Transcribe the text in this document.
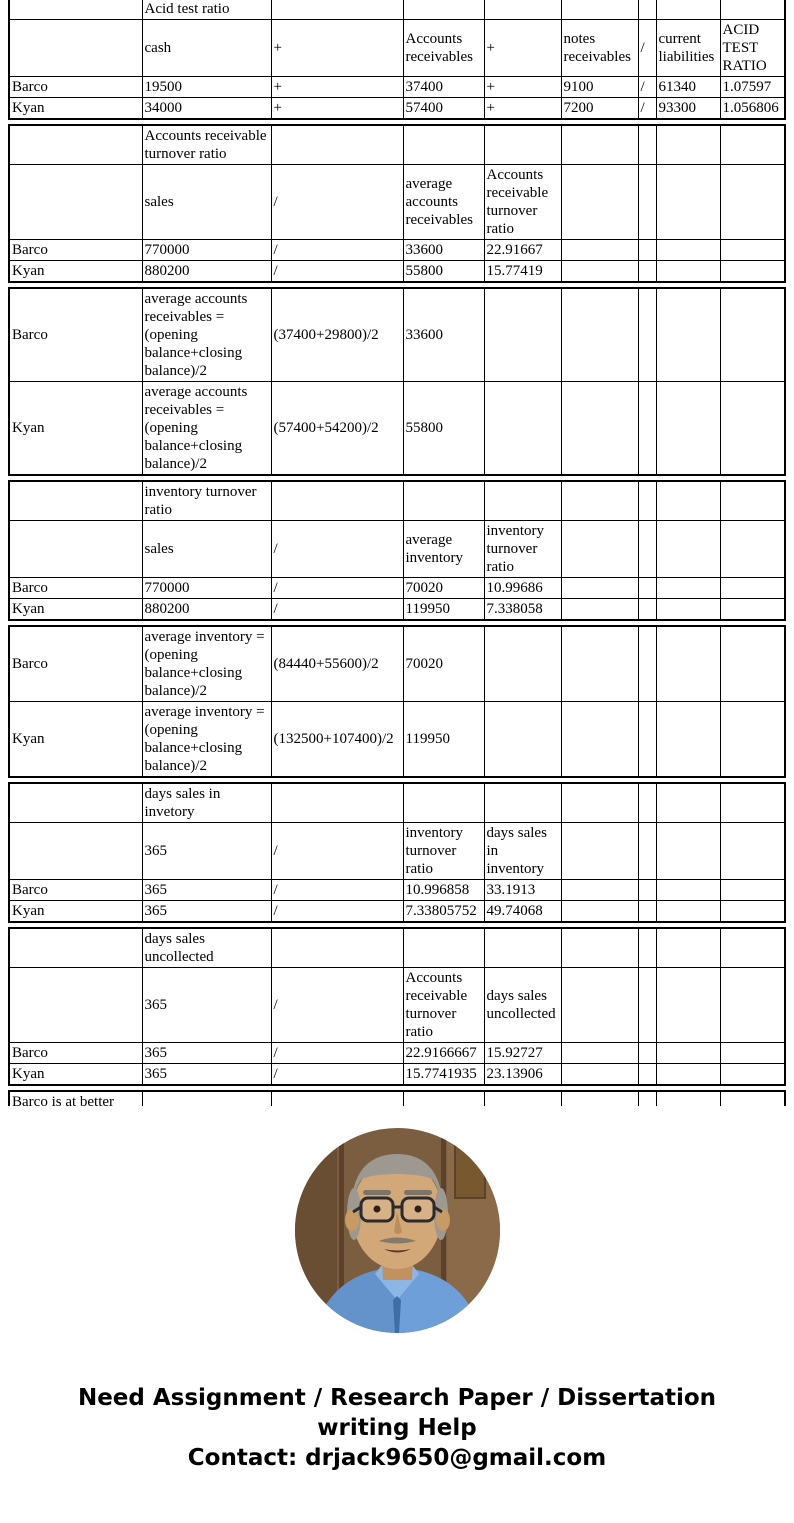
	Acid test ratio							
	cash	+	Accounts receivables	+	notes receivables	/	current liabilities	ACID TEST RATIO
Barco	19500	+	37400	+	9100	/	61340	1.07597
Kyan	34000	+	57400	+	7200	/	93300	1.056806
	Accounts receivable turnover ratio							
	sales	/	average accounts receivables	Accounts receivable turnover ratio				
Barco	770000	/	33600	22.91667				
Kyan	880200	/	55800	15.77419				
Barco	average accounts receivables = (opening balance+closing balance)/2	(37400+29800)/2	33600					
Kyan	average accounts receivables = (opening balance+closing balance)/2	(57400+54200)/2	55800					
	inventory turnover ratio							
	sales	/	average inventory	inventory turnover ratio				
Barco	770000	/	70020	10.99686				
Kyan	880200	/	119950	7.338058				
Barco	average inventory = (opening balance+closing balance)/2	(84440+55600)/2	70020					
Kyan	average inventory = (opening balance+closing balance)/2	(132500+107400)/2	119950					
	days sales in invetory							
	365	/	inventory turnover ratio	days sales in inventory				
Barco	365	/	10.996858	33.1913				
Kyan	365	/	7.33805752	49.74068				
	days sales uncollected							
	365	/	Accounts receivable turnover ratio	days sales uncollected				
Barco	365	/	22.9166667	15.92727				
Kyan	365	/	15.7741935	23.13906				
Barco is at better								
Need Assignment / Research Paper / Dissertation
writing Help
Contact: drjack9650@gmail.com
